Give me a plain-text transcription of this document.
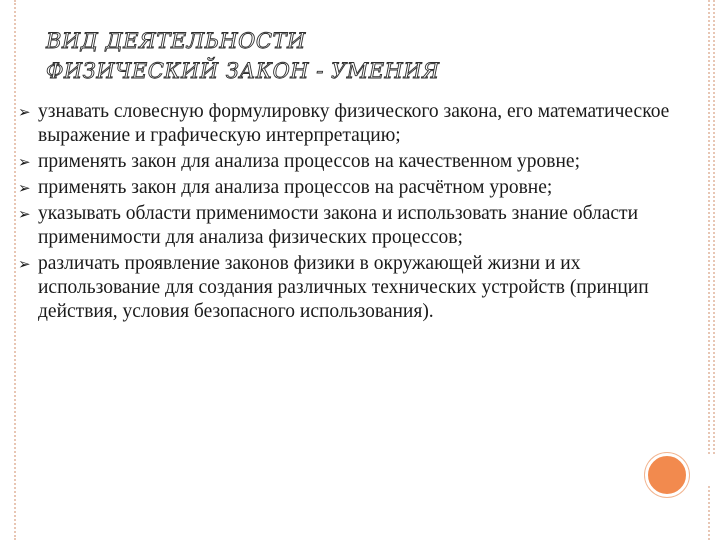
ВИД ДЕЯТЕЛЬНОСТИ
ФИЗИЧЕСКИЙ ЗАКОН - УМЕНИЯ
➢ узнавать словесную формулировку физического закона, его математическое выражение и графическую интерпретацию;
➢ применять закон для анализа процессов на качественном уровне;
➢ применять закон для анализа процессов на расчётном уровне;
➢ указывать области применимости закона и использовать знание области применимости для анализа физических процессов;
➢ различать проявление законов физики в окружающей жизни и их использование для создания различных технических устройств (принцип действия, условия безопасного использования).
